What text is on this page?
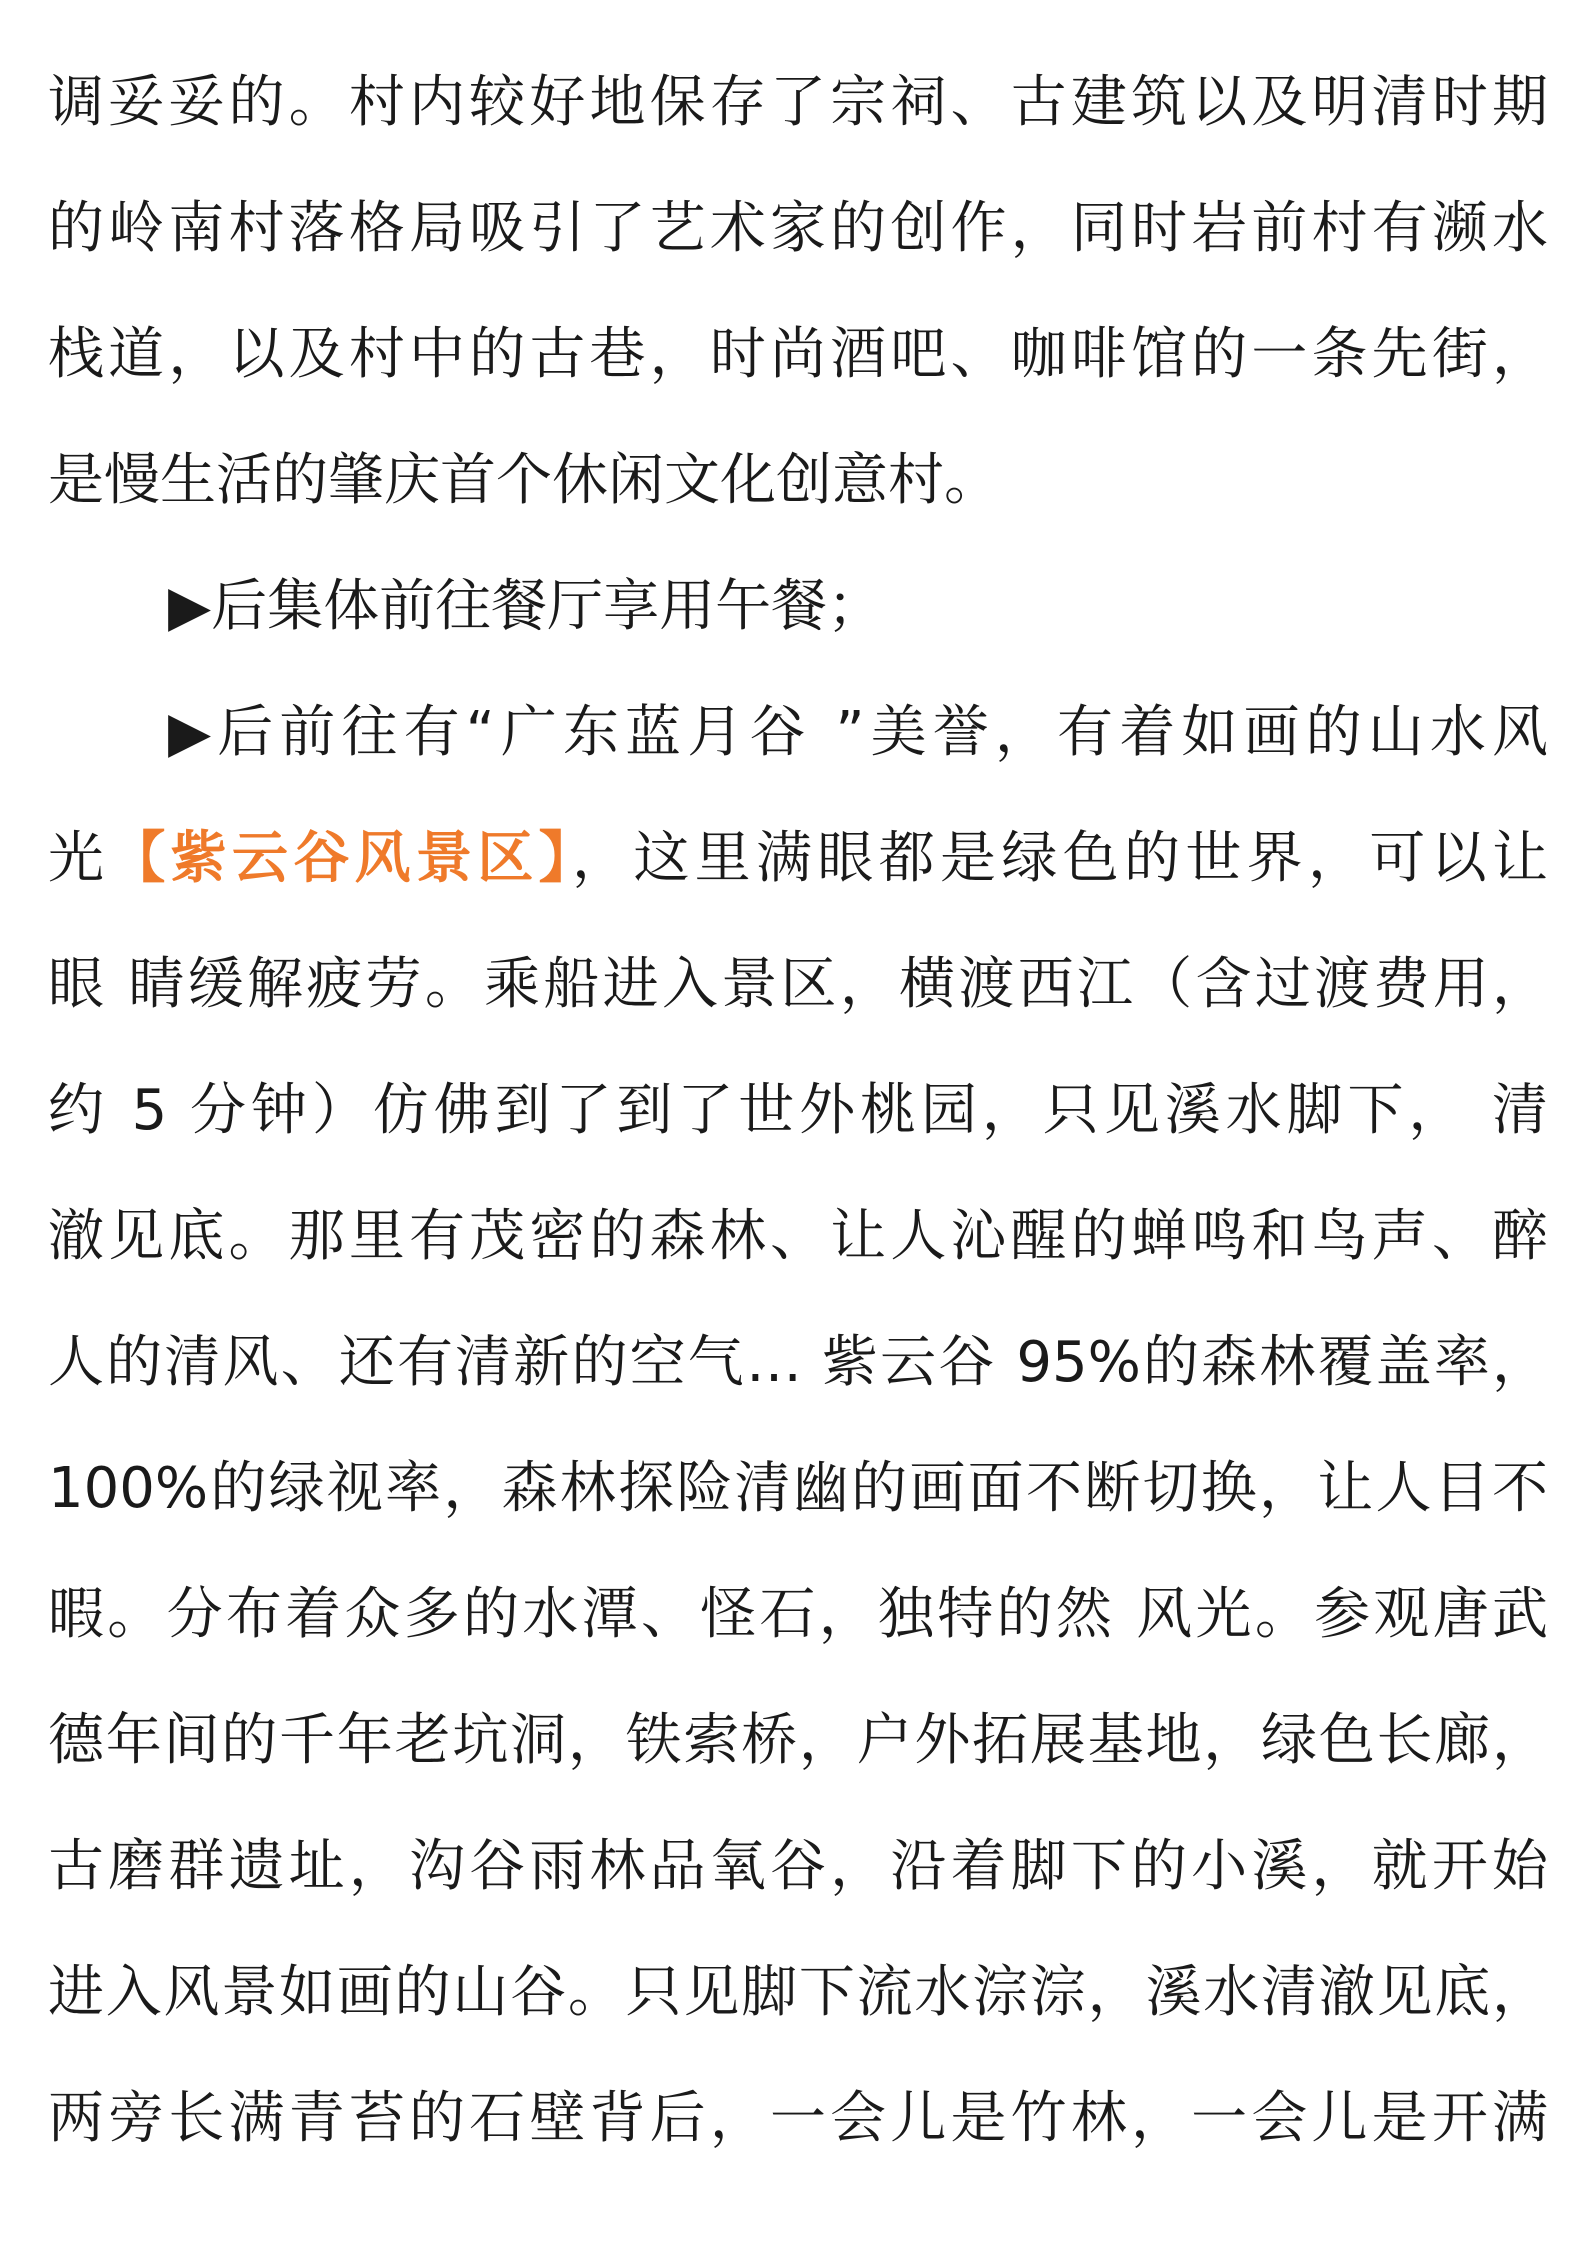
调妥妥的。村内较好地保存了宗祠、古建筑以及明清时期
的岭南村落格局吸引了艺术家的创作，同时岩前村有濒水
栈道，以及村中的古巷，时尚酒吧、咖啡馆的一条先街，
是慢生活的肇庆首个休闲文化创意村。
▶后集体前往餐厅享用午餐；
▶后前往有“广东蓝月谷 ”美誉，有着如画的山水风
光【紫云谷风景区】，这里满眼都是绿色的世界，可以让
眼 睛缓解疲劳。乘船进入景区，横渡西江（含过渡费用，
约 5 分钟）仿佛到了到了世外桃园，只见溪水脚下， 清
澈见底。那里有茂密的森林、让人沁醒的蝉鸣和鸟声、醉
人的清风、还有清新的空气… 紫云谷 95%的森林覆盖率，
100%的绿视率，森林探险清幽的画面不断切换，让人目不
暇。分布着众多的水潭、怪石，独特的然 风光。参观唐武
德年间的千年老坑洞，铁索桥，户外拓展基地，绿色长廊，
古磨群遗址，沟谷雨林品氧谷，沿着脚下的小溪，就开始
进入风景如画的山谷。只见脚下流水淙淙，溪水清澈见底，
两旁长满青苔的石壁背后，一会儿是竹林，一会儿是开满
